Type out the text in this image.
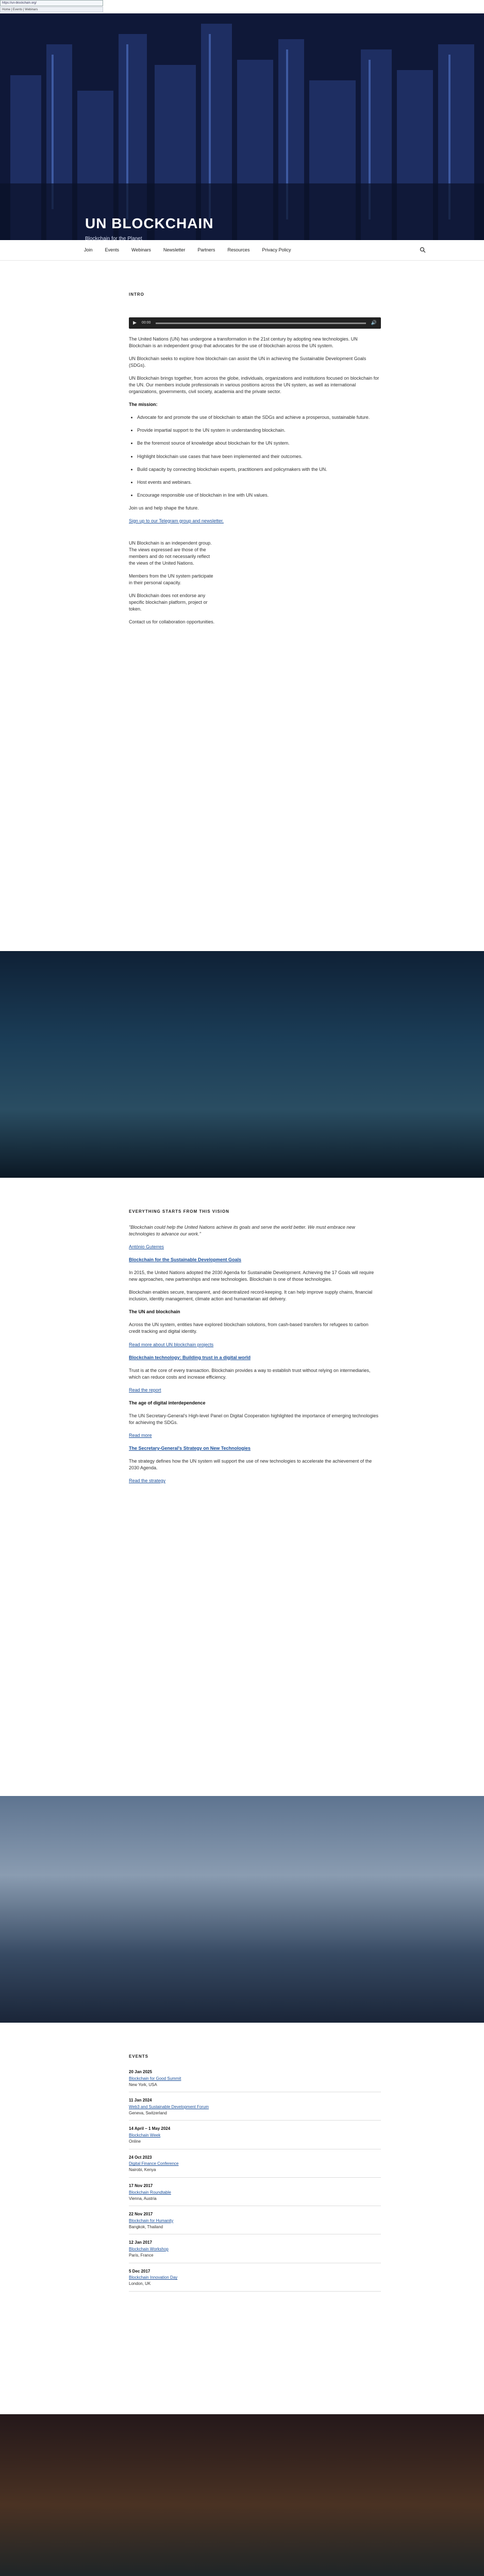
https://un-blockchain.org/
Home | Events | Webinars
UN BLOCKCHAIN
Blockchain for the Planet
Join	Events	Webinars	Newsletter	Partners	Resources	Privacy Policy
INTRO
▶ 00:00	🔊

The United Nations (UN) has undergone a transformation in the 21st century by adopting new technologies. UN Blockchain is an independent group that advocates for the use of blockchain across the UN system.

UN Blockchain seeks to explore how blockchain can assist the UN in achieving the Sustainable Development Goals (SDGs).

UN Blockchain brings together, from across the globe, individuals, organizations and institutions focused on blockchain for the UN. Our members include professionals in various positions across the UN system, as well as international organizations, governments, civil society, academia and the private sector.

The mission:

• Advocate for and promote the use of blockchain to attain the SDGs and achieve a prosperous, sustainable future.
• Provide impartial support to the UN system in understanding blockchain.
• Be the foremost source of knowledge about blockchain for the UN system.
• Highlight blockchain use cases that have been implemented and their outcomes.
• Build capacity by connecting blockchain experts, practitioners and policymakers with the UN.
• Host events and webinars.
• Encourage responsible use of blockchain in line with UN values.

Join us and help shape the future.

Sign up to our Telegram group and newsletter.

UN Blockchain is an independent group. The views expressed are those of the members and do not necessarily reflect the views of the United Nations.

Members from the UN system participate in their personal capacity.

UN Blockchain does not endorse any specific blockchain platform, project or token.

Contact us for collaboration opportunities.

EVERYTHING STARTS FROM THIS VISION

"Blockchain could help the United Nations achieve its goals and serve the world better. We must embrace new technologies to advance our work."

António Guterres

Blockchain for the Sustainable Development Goals

In 2015, the United Nations adopted the 2030 Agenda for Sustainable Development. Achieving the 17 Goals will require new approaches, new partnerships and new technologies. Blockchain is one of those technologies.

Blockchain enables secure, transparent, and decentralized record-keeping. It can help improve supply chains, financial inclusion, identity management, climate action and humanitarian aid delivery.

The UN and blockchain

Across the UN system, entities have explored blockchain solutions, from cash-based transfers for refugees to carbon credit tracking and digital identity.

Read more about UN blockchain projects

Blockchain technology: Building trust in a digital world

Trust is at the core of every transaction. Blockchain provides a way to establish trust without relying on intermediaries, which can reduce costs and increase efficiency.

Read the report

The age of digital interdependence

The UN Secretary-General's High-level Panel on Digital Cooperation highlighted the importance of emerging technologies for achieving the SDGs.

Read more

The Secretary-General's Strategy on New Technologies

The strategy defines how the UN system will support the use of new technologies to accelerate the achievement of the 2030 Agenda.

Read the strategy

EVENTS
20 Jan 2025
Blockchain for Good Summit
New York, USA
11 Jan 2024
Web3 and Sustainable Development Forum
Geneva, Switzerland
14 April – 1 May 2024
Blockchain Week
Online
24 Oct 2023
Digital Finance Conference
Nairobi, Kenya
17 Nov 2017
Blockchain Roundtable
Vienna, Austria
22 Nov 2017
Blockchain for Humanity
Bangkok, Thailand
12 Jan 2017
Blockchain Workshop
Paris, France
5 Dec 2017
Blockchain Innovation Day
London, UK
